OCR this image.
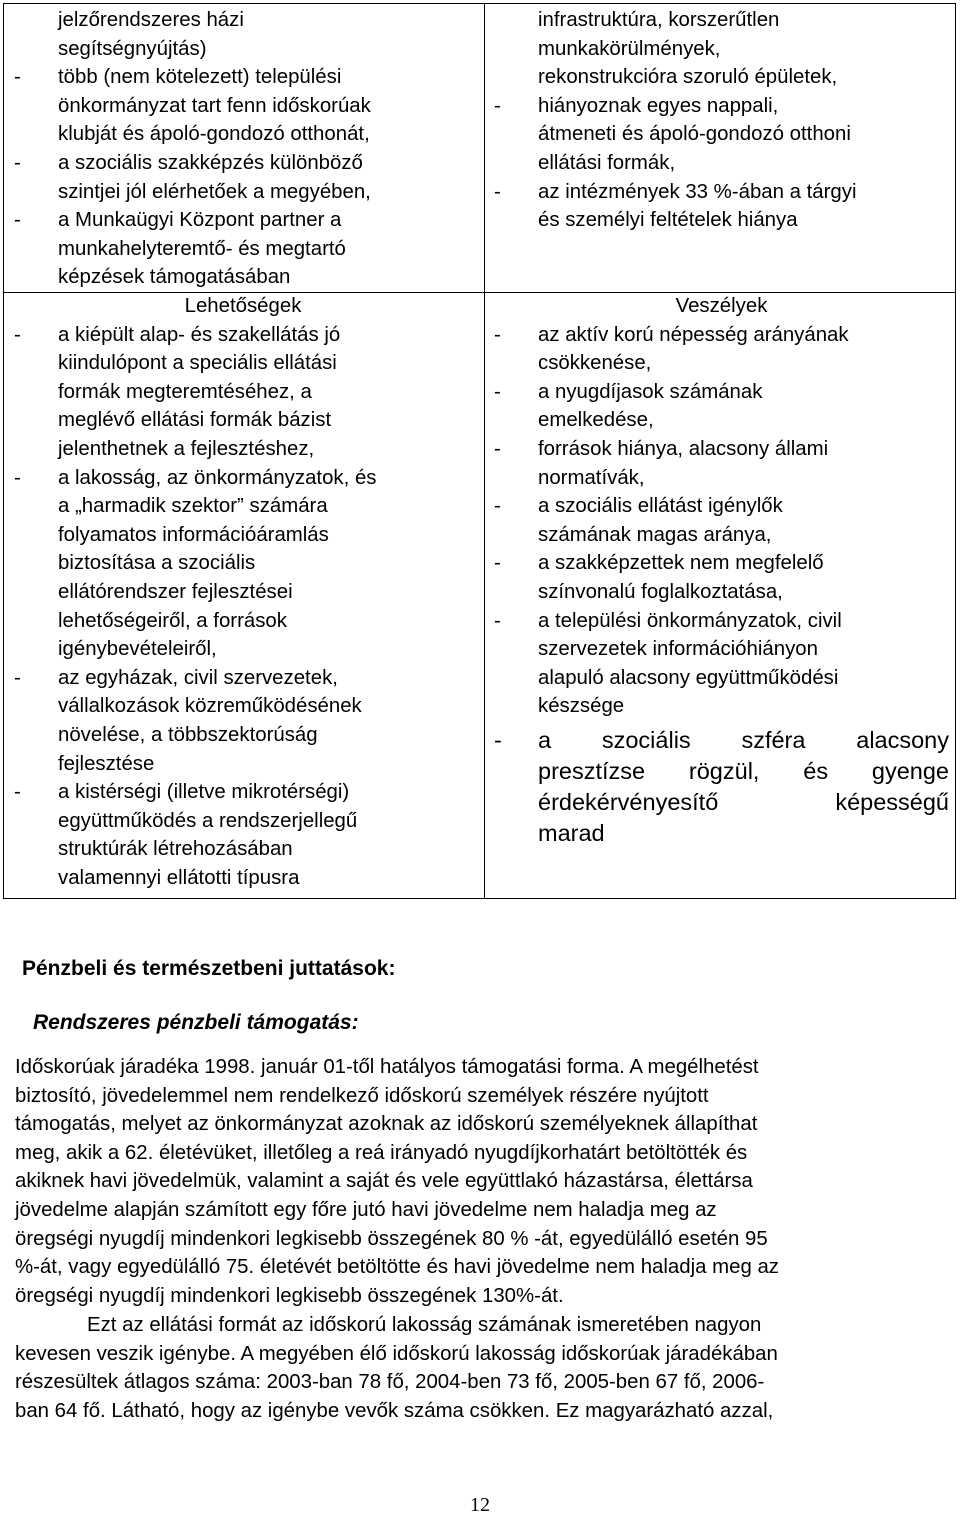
jelzőrendszeres házi
segítségnyújtás)
-	több (nem kötelezett) települési
önkormányzat tart fenn időskorúak
klubját és ápoló-gondozó otthonát,
-	a szociális szakképzés különböző
szintjei jól elérhetőek a megyében,
-	a Munkaügyi Központ partner a
munkahelyteremtő- és megtartó
képzések támogatásában
infrastruktúra, korszerűtlen
munkakörülmények,
rekonstrukcióra szoruló épületek,
-	hiányoznak egyes nappali,
átmeneti és ápoló-gondozó otthoni
ellátási formák,
-	az intézmények 33 %-ában a tárgyi
és személyi feltételek hiánya
Lehetőségek
-	a kiépült alap- és szakellátás jó
kiindulópont a speciális ellátási
formák megteremtéséhez, a
meglévő ellátási formák bázist
jelenthetnek a fejlesztéshez,
-	a lakosság, az önkormányzatok, és
a „harmadik szektor” számára
folyamatos információáramlás
biztosítása a szociális
ellátórendszer fejlesztései
lehetőségeiről, a források
igénybevételeiről,
-	az egyházak, civil szervezetek,
vállalkozások közreműködésének
növelése, a többszektorúság
fejlesztése
-	a kistérségi (illetve mikrotérségi)
együttműködés a rendszerjellegű
struktúrák létrehozásában
valamennyi ellátotti típusra
Veszélyek
-	az aktív korú népesség arányának
csökkenése,
-	a nyugdíjasok számának
emelkedése,
-	források hiánya, alacsony állami
normatívák,
-	a szociális ellátást igénylők
számának magas aránya,
-	a szakképzettek nem megfelelő
színvonalú foglalkoztatása,
-	a települési önkormányzatok, civil
szervezetek információhiányon
alapuló alacsony együttműködési
készsége
-	a szociális szféra alacsony
presztízse rögzül, és gyenge
érdekérvényesítő képességű
marad
Pénzbeli és természetbeni juttatások:
Rendszeres pénzbeli támogatás:
Időskorúak járadéka 1998. január 01-től hatályos támogatási forma. A megélhetést
biztosító, jövedelemmel nem rendelkező időskorú személyek részére nyújtott
támogatás, melyet az önkormányzat azoknak az időskorú személyeknek állapíthat
meg, akik a 62. életévüket, illetőleg a reá irányadó nyugdíjkorhatárt betöltötték és
akiknek havi jövedelmük, valamint a saját és vele együttlakó házastársa, élettársa
jövedelme alapján számított egy főre jutó havi jövedelme nem haladja meg az
öregségi nyugdíj mindenkori legkisebb összegének 80 % -át, egyedülálló esetén 95
%-át, vagy egyedülálló 75. életévét betöltötte és havi jövedelme nem haladja meg az
öregségi nyugdíj mindenkori legkisebb összegének 130%-át.
Ezt az ellátási formát az időskorú lakosság számának ismeretében nagyon
kevesen veszik igénybe. A megyében élő időskorú lakosság időskorúak járadékában
részesültek átlagos száma: 2003-ban 78 fő, 2004-ben 73 fő, 2005-ben 67 fő, 2006-
ban 64 fő. Látható, hogy az igénybe vevők száma csökken. Ez magyarázható azzal,
12
